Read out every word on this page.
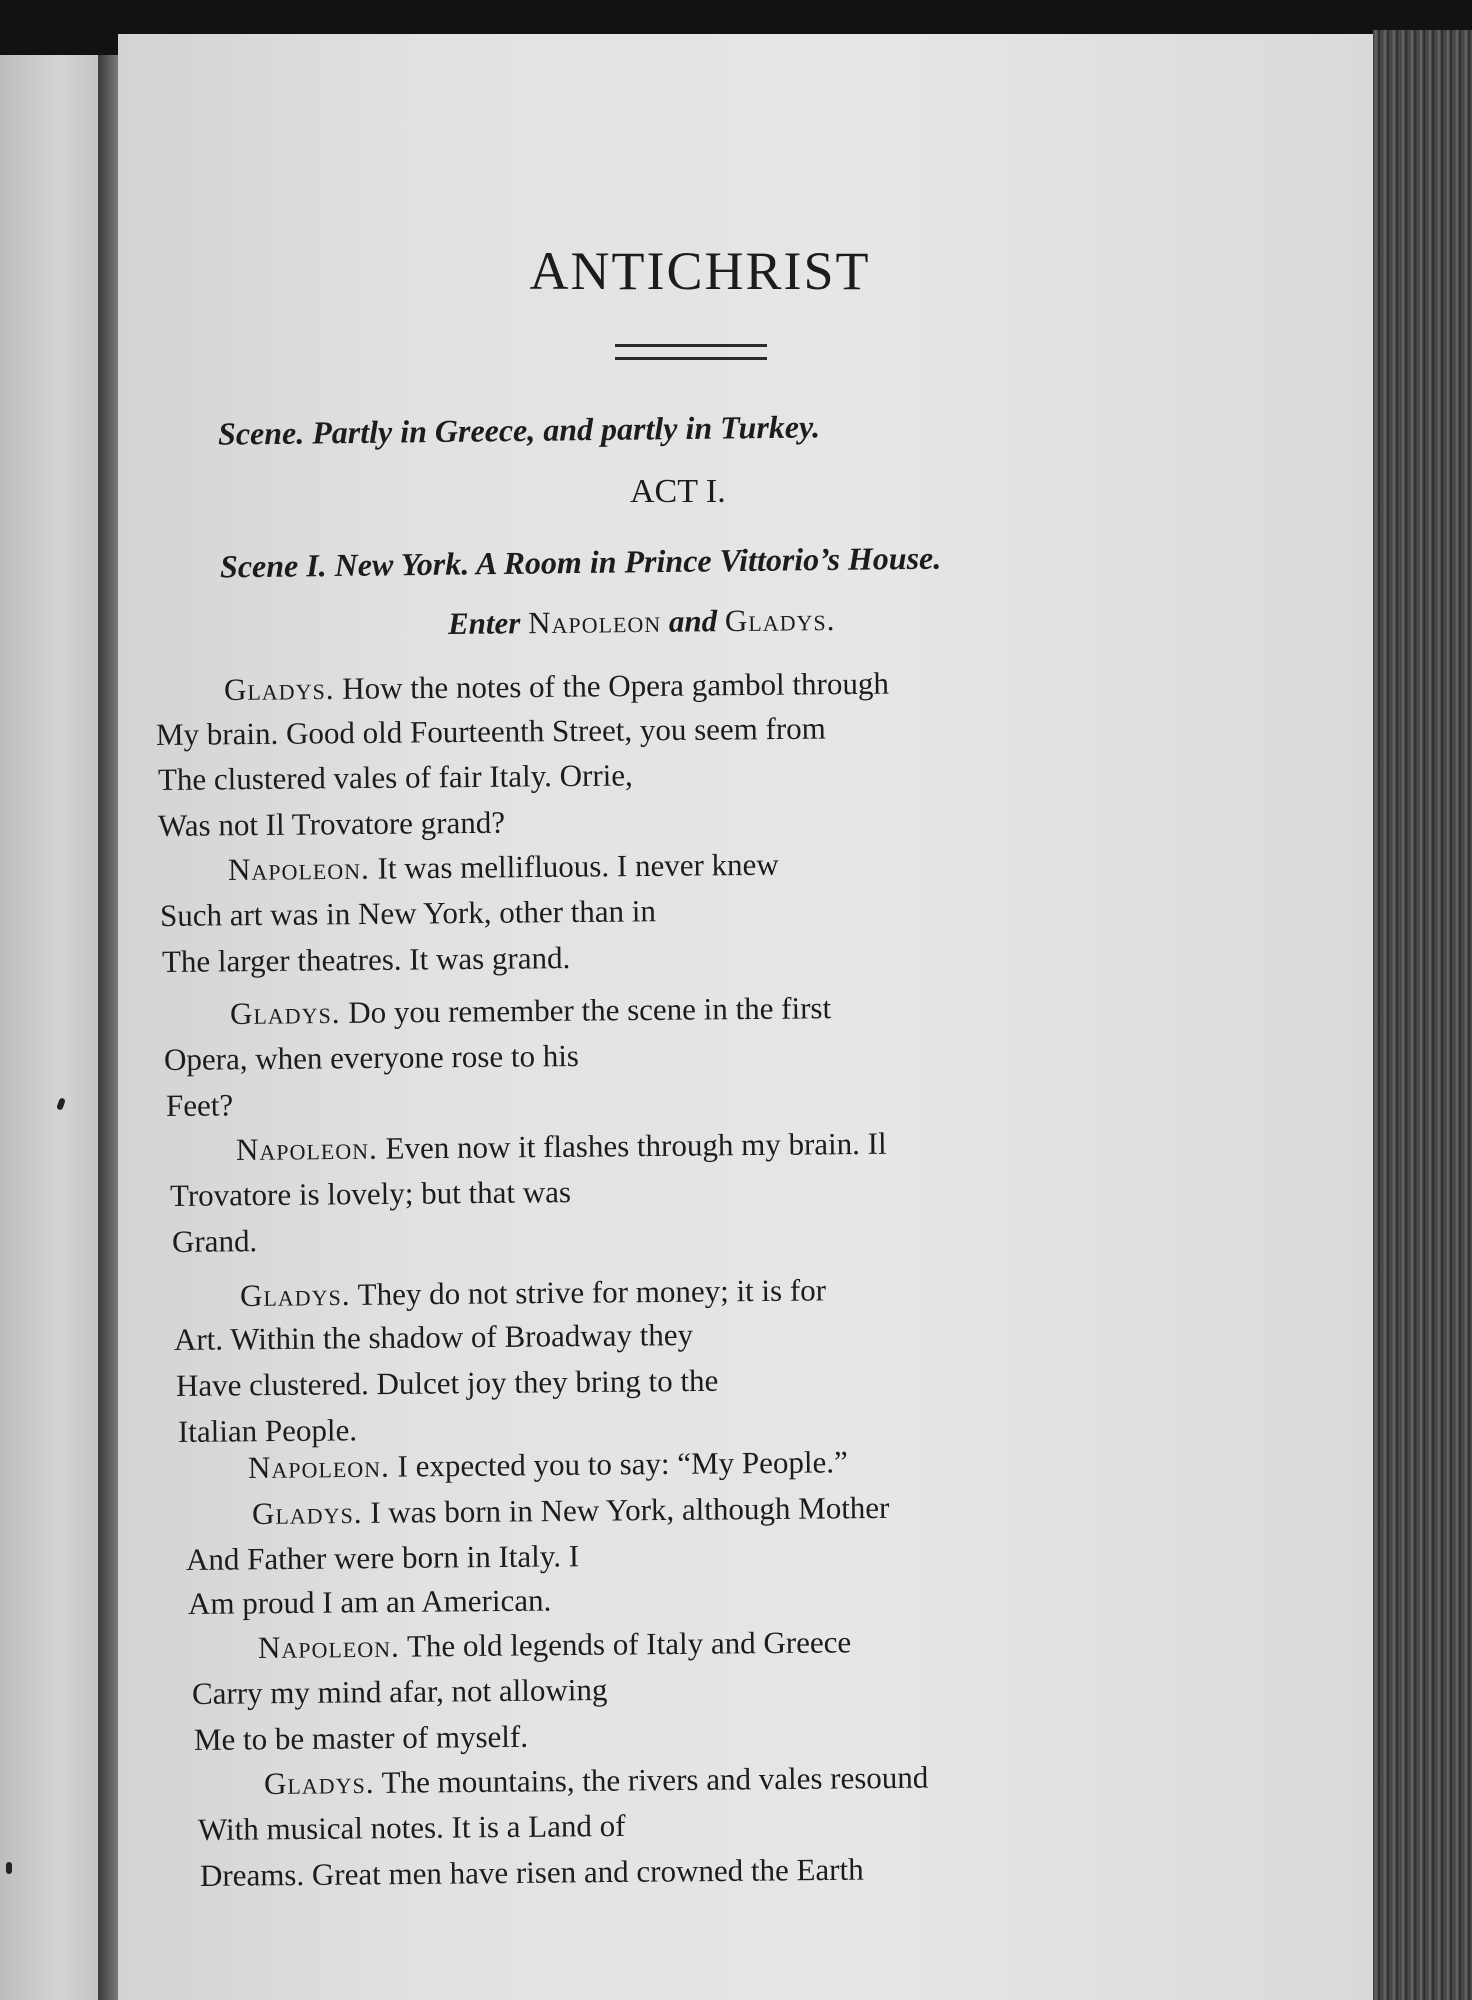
ANTICHRIST
Scene. Partly in Greece, and partly in Turkey.
ACT I.
Scene I. New York. A Room in Prince Vittorio’s House.
Enter Napoleon and Gladys.
Gladys. How the notes of the Opera gambol through
My brain. Good old Fourteenth Street, you seem from
The clustered vales of fair Italy. Orrie,
Was not Il Trovatore grand?
Napoleon. It was mellifluous. I never knew
Such art was in New York, other than in
The larger theatres. It was grand.
Gladys. Do you remember the scene in the first
Opera, when everyone rose to his
Feet?
Napoleon. Even now it flashes through my brain. Il
Trovatore is lovely; but that was
Grand.
Gladys. They do not strive for money; it is for
Art. Within the shadow of Broadway they
Have clustered. Dulcet joy they bring to the
Italian People.
Napoleon. I expected you to say: “My People.”
Gladys. I was born in New York, although Mother
And Father were born in Italy. I
Am proud I am an American.
Napoleon. The old legends of Italy and Greece
Carry my mind afar, not allowing
Me to be master of myself.
Gladys. The mountains, the rivers and vales resound
With musical notes. It is a Land of
Dreams. Great men have risen and crowned the Earth
